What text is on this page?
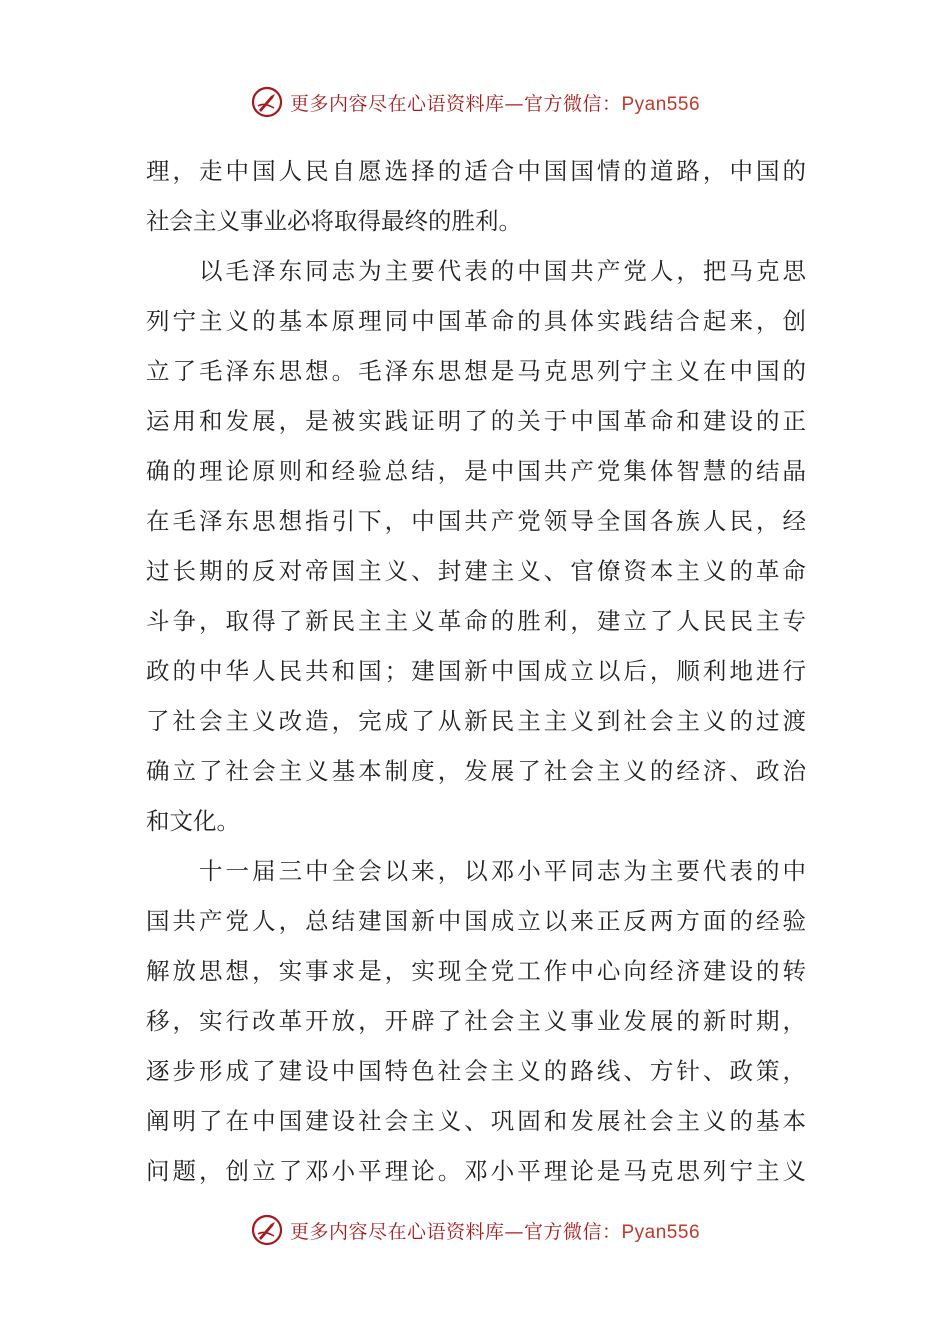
更多内容尽在心语资料库—官方微信：Pyan556
理，走中国人民自愿选择的适合中国国情的道路，中国的
社会主义事业必将取得最终的胜利。
以毛泽东同志为主要代表的中国共产党人，把马克思
列宁主义的基本原理同中国革命的具体实践结合起来，创
立了毛泽东思想。毛泽东思想是马克思列宁主义在中国的
运用和发展，是被实践证明了的关于中国革命和建设的正
确的理论原则和经验总结，是中国共产党集体智慧的结晶
在毛泽东思想指引下，中国共产党领导全国各族人民，经
过长期的反对帝国主义、封建主义、官僚资本主义的革命
斗争，取得了新民主主义革命的胜利，建立了人民民主专
政的中华人民共和国；建国新中国成立以后，顺利地进行
了社会主义改造，完成了从新民主主义到社会主义的过渡
确立了社会主义基本制度，发展了社会主义的经济、政治
和文化。
十一届三中全会以来，以邓小平同志为主要代表的中
国共产党人，总结建国新中国成立以来正反两方面的经验
解放思想，实事求是，实现全党工作中心向经济建设的转
移，实行改革开放，开辟了社会主义事业发展的新时期，
逐步形成了建设中国特色社会主义的路线、方针、政策，
阐明了在中国建设社会主义、巩固和发展社会主义的基本
问题，创立了邓小平理论。邓小平理论是马克思列宁主义
更多内容尽在心语资料库—官方微信：Pyan556
